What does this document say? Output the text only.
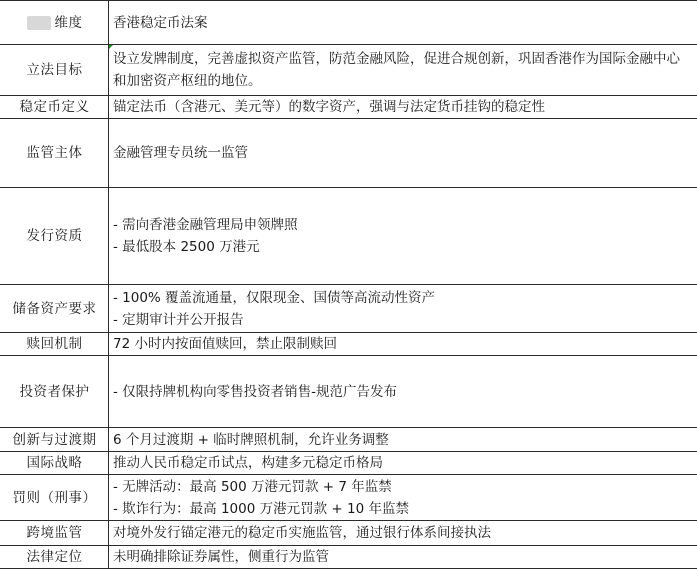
维度	香港稳定币法案
立法目标	设立发牌制度，完善虚拟资产监管，防范金融风险，促进合规创新，巩固香港作为国际金融中心和加密资产枢纽的地位。

稳定币定义	锚定法币（含港元、美元等）的数字资产，强调与法定货币挂钩的稳定性

监管主体	金融管理专员统一监管

发行资质	- 需向香港金融管理局申领牌照
- 最低股本 2500 万港元

储备资产要求	- 100% 覆盖流通量，仅限现金、国债等高流动性资产
- 定期审计并公开报告

赎回机制	72 小时内按面值赎回，禁止限制赎回

投资者保护	- 仅限持牌机构向零售投资者销售-规范广告发布

创新与过渡期	6 个月过渡期 + 临时牌照机制，允许业务调整

国际战略	推动人民币稳定币试点，构建多元稳定币格局

罚则（刑事）	- 无牌活动：最高 500 万港元罚款 + 7 年监禁
- 欺诈行为：最高 1000 万港元罚款 + 10 年监禁

跨境监管	对境外发行锚定港元的稳定币实施监管，通过银行体系间接执法

法律定位	未明确排除证券属性，侧重行为监管
